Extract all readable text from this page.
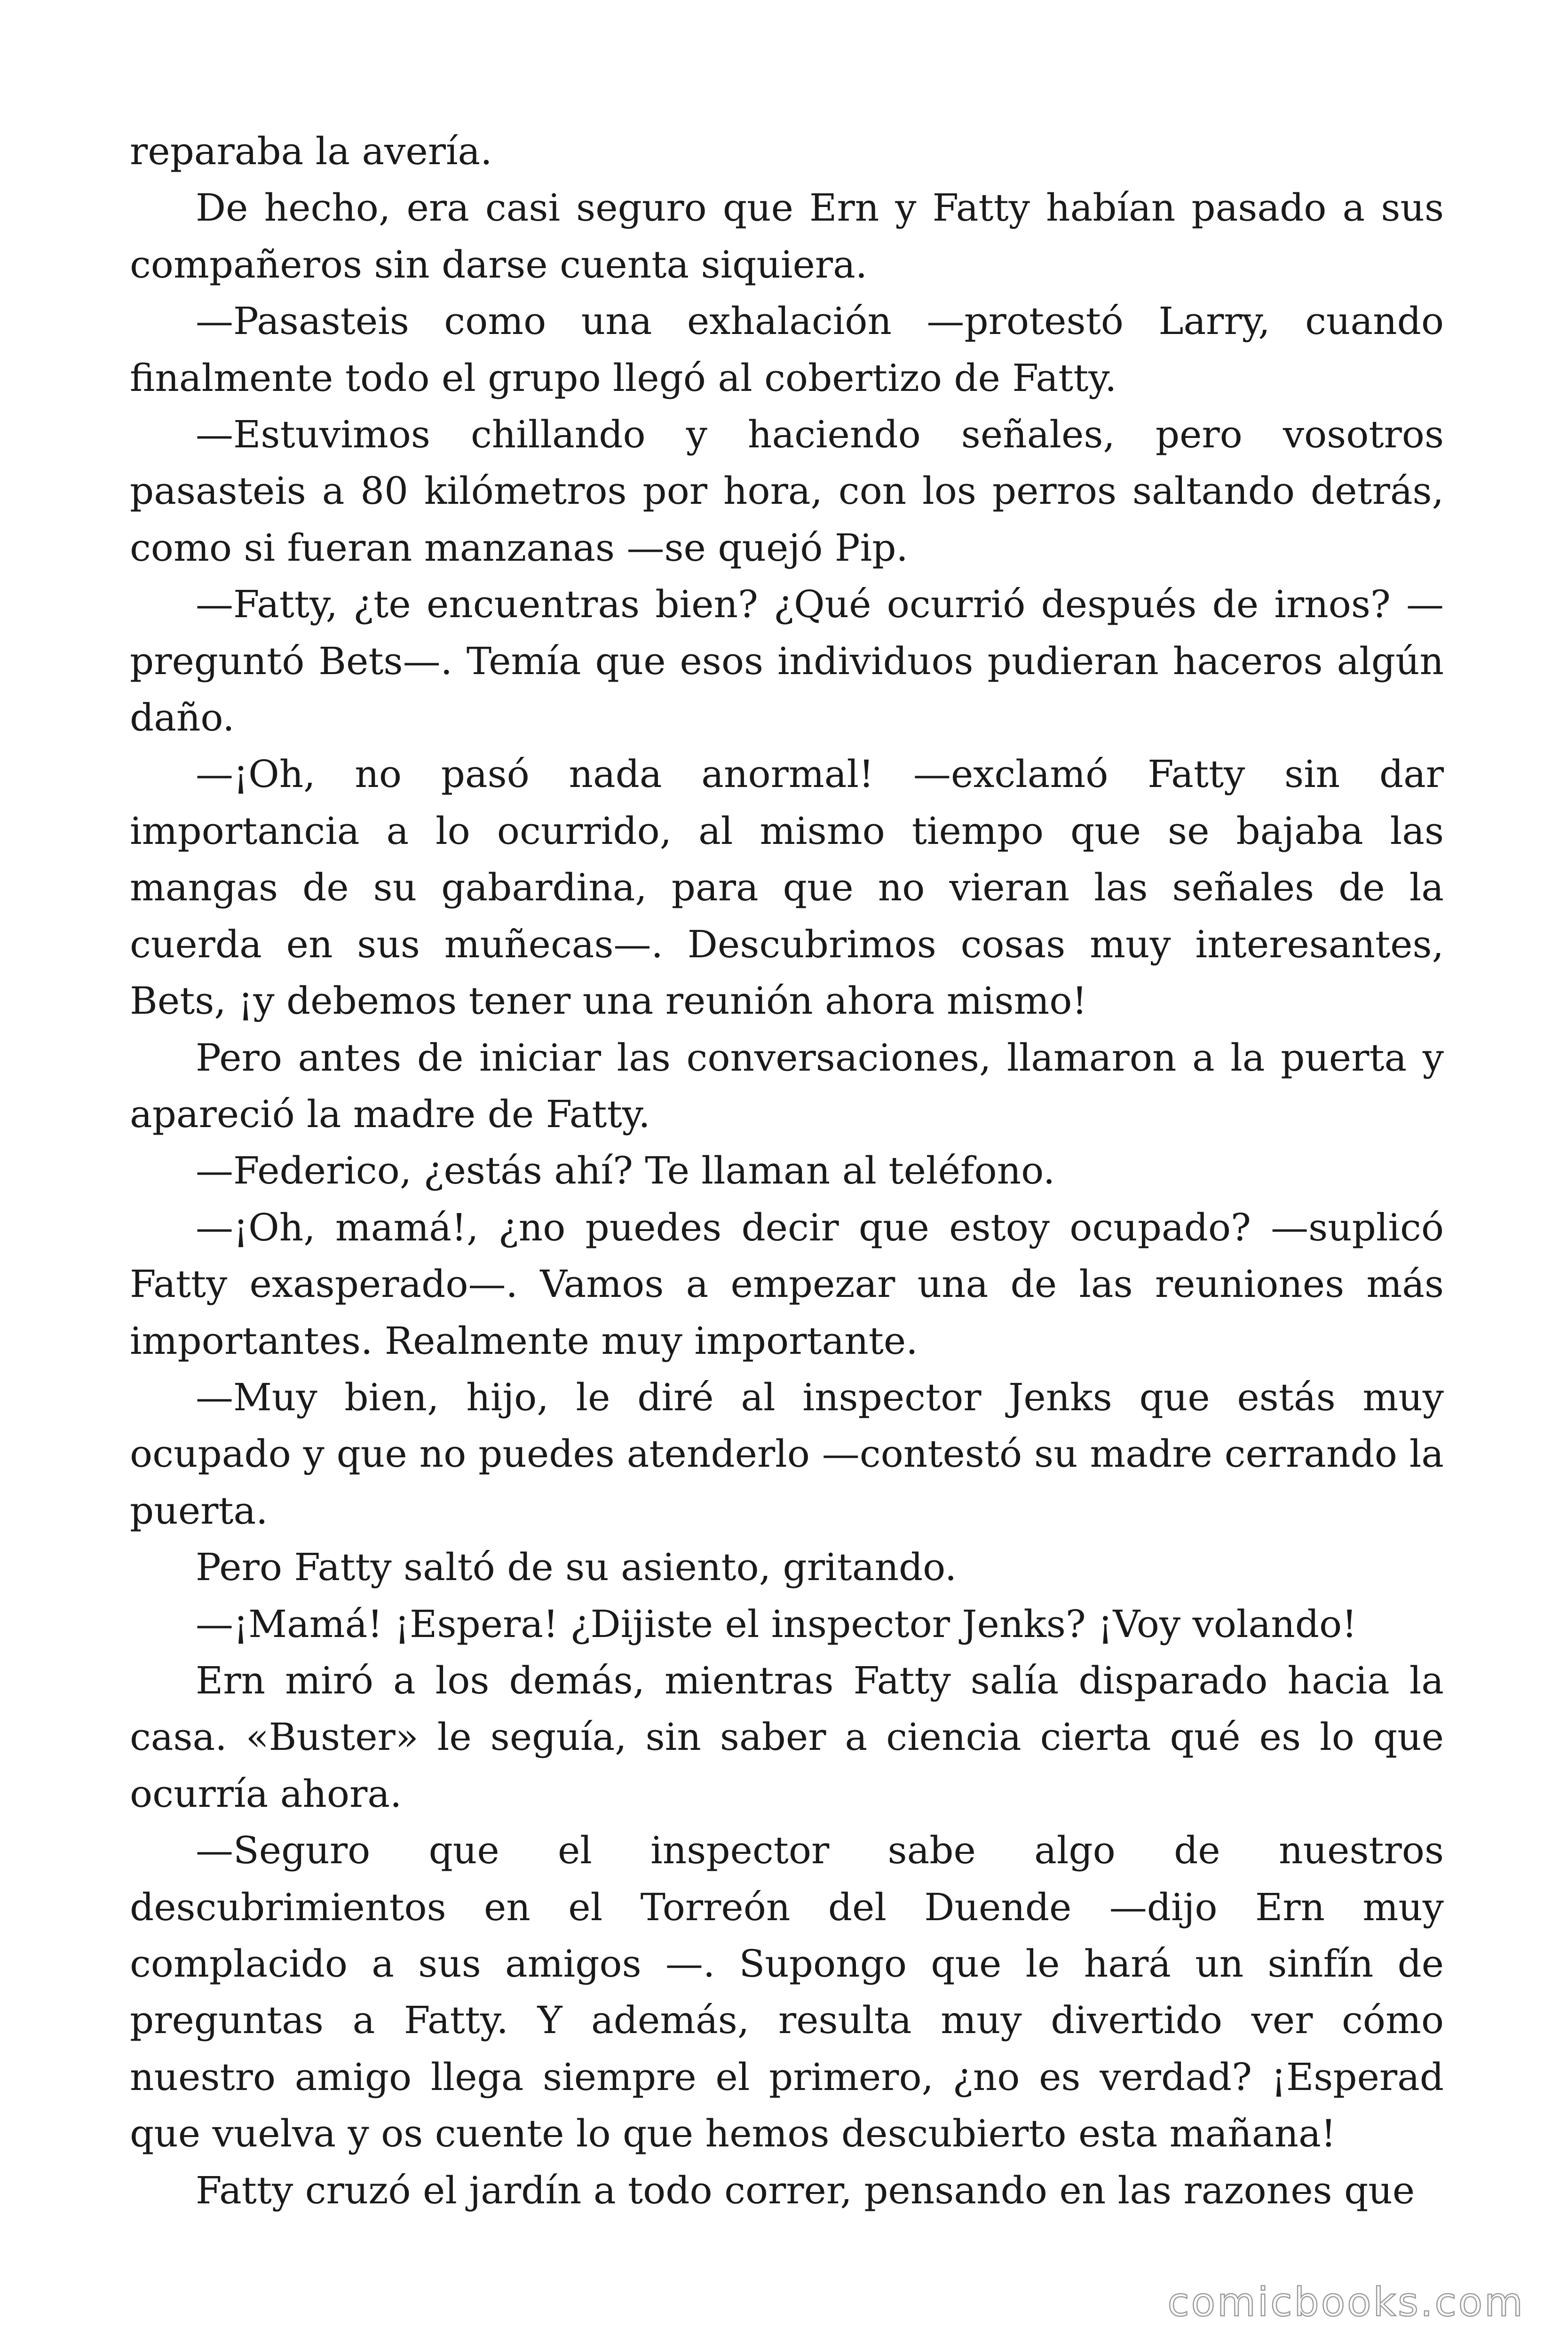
reparaba la avería.

De hecho, era casi seguro que Ern y Fatty habían pasado a sus compañeros sin darse cuenta siquiera.

—Pasasteis como una exhalación —protestó Larry, cuando finalmente todo el grupo llegó al cobertizo de Fatty.

—Estuvimos chillando y haciendo señales, pero vosotros pasasteis a 80 kilómetros por hora, con los perros saltando detrás, como si fueran manzanas —se quejó Pip.

—Fatty, ¿te encuentras bien? ¿Qué ocurrió después de irnos? —preguntó Bets—. Temía que esos individuos pudieran haceros algún daño.

—¡Oh, no pasó nada anormal! —exclamó Fatty sin dar importancia a lo ocurrido, al mismo tiempo que se bajaba las mangas de su gabardina, para que no vieran las señales de la cuerda en sus muñecas—. Descubrimos cosas muy interesantes, Bets, ¡y debemos tener una reunión ahora mismo!

Pero antes de iniciar las conversaciones, llamaron a la puerta y apareció la madre de Fatty.

—Federico, ¿estás ahí? Te llaman al teléfono.

—¡Oh, mamá!, ¿no puedes decir que estoy ocupado? —suplicó Fatty exasperado—. Vamos a empezar una de las reuniones más importantes. Realmente muy importante.

—Muy bien, hijo, le diré al inspector Jenks que estás muy ocupado y que no puedes atenderlo —contestó su madre cerrando la puerta.

Pero Fatty saltó de su asiento, gritando.

—¡Mamá! ¡Espera! ¿Dijiste el inspector Jenks? ¡Voy volando!

Ern miró a los demás, mientras Fatty salía disparado hacia la casa. «Buster» le seguía, sin saber a ciencia cierta qué es lo que ocurría ahora.

—Seguro que el inspector sabe algo de nuestros descubrimientos en el Torreón del Duende —dijo Ern muy complacido a sus amigos —. Supongo que le hará un sinfín de preguntas a Fatty. Y además, resulta muy divertido ver cómo nuestro amigo llega siempre el primero, ¿no es verdad? ¡Esperad que vuelva y os cuente lo que hemos descubierto esta mañana!

Fatty cruzó el jardín a todo correr, pensando en las razones que

comicbooks.com
